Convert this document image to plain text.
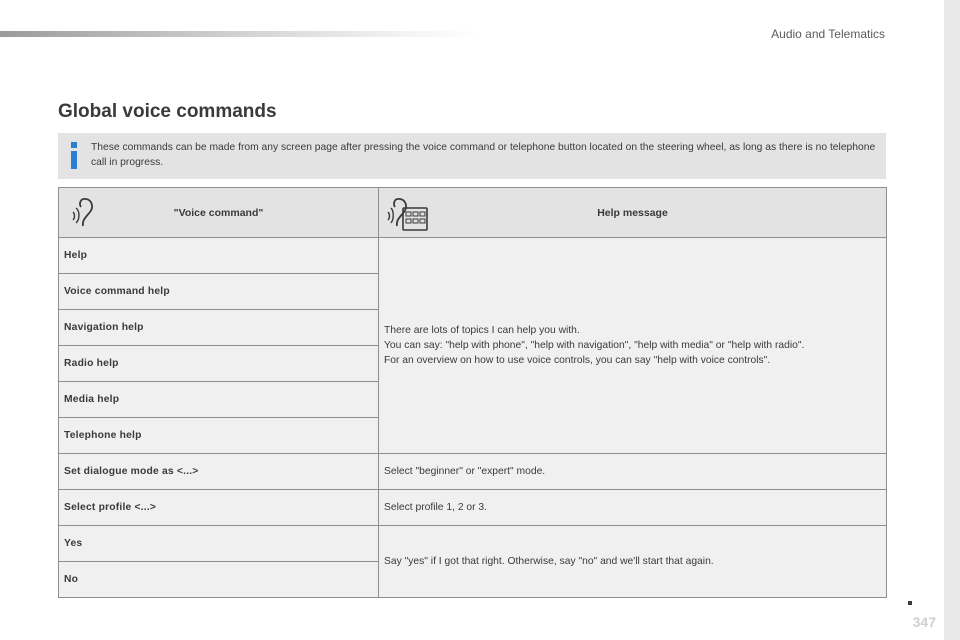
Audio and Telematics
Global voice commands
These commands can be made from any screen page after pressing the voice command or telephone button located on the steering wheel, as long as there is no telephone call in progress.
"Voice command"	Help message

Help	There are lots of topics I can help you with.
You can say: "help with phone", "help with navigation", "help with media" or "help with radio".
For an overview on how to use voice controls, you can say "help with voice controls".

Voice command help	
Navigation help	
Radio help	
Media help	
Telephone help	
Set dialogue mode as <...>	Select "beginner" or "expert" mode.
Select profile <...>	Select profile 1, 2 or 3.
Yes	Say "yes" if I got that right. Otherwise, say "no" and we'll start that again.
No	
347
